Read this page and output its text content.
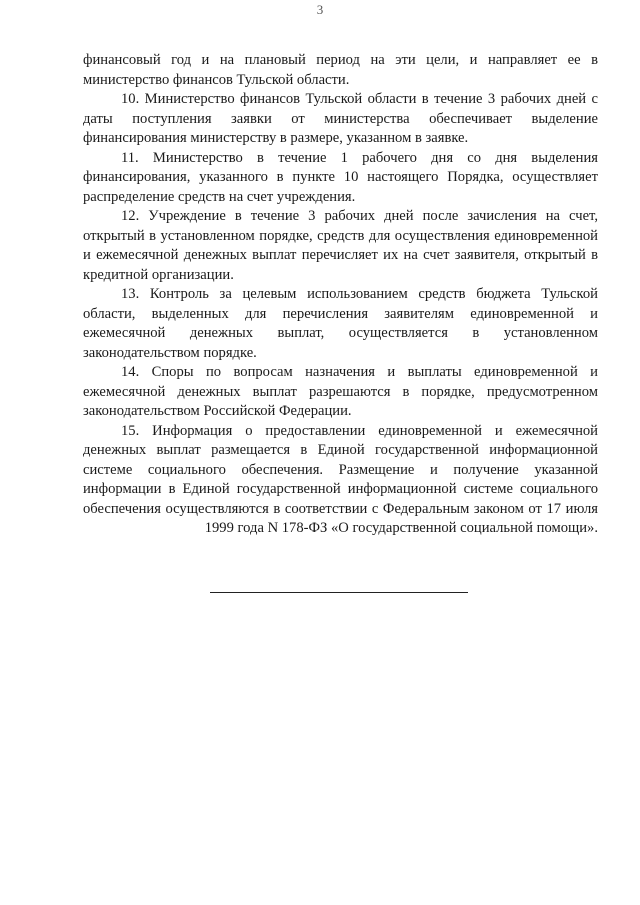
3

финансовый год и на плановый период на эти цели, и направляет ее в министерство финансов Тульской области.

10. Министерство финансов Тульской области в течение 3 рабочих дней с даты поступления заявки от министерства обеспечивает выделение финансирования министерству в размере, указанном в заявке.

11. Министерство в течение 1 рабочего дня со дня выделения финансирования, указанного в пункте 10 настоящего Порядка, осуществляет распределение средств на счет учреждения.

12. Учреждение в течение 3 рабочих дней после зачисления на счет, открытый в установленном порядке, средств для осуществления единовременной и ежемесячной денежных выплат перечисляет их на счет заявителя, открытый в кредитной организации.

13. Контроль за целевым использованием средств бюджета Тульской области, выделенных для перечисления заявителям единовременной и ежемесячной денежных выплат, осуществляется в установленном законодательством порядке.

14. Споры по вопросам назначения и выплаты единовременной и ежемесячной денежных выплат разрешаются в порядке, предусмотренном законодательством Российской Федерации.

15. Информация о предоставлении единовременной и ежемесячной денежных выплат размещается в Единой государственной информационной системе социального обеспечения. Размещение и получение указанной информации в Единой государственной информационной системе социального обеспечения осуществляются в соответствии с Федеральным законом от 17 июля 1999 года N 178-ФЗ «О государственной социальной помощи».
